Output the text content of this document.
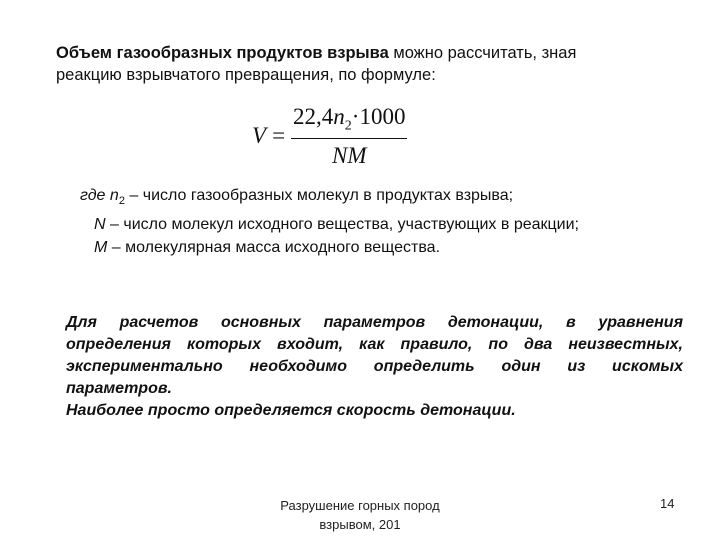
Объем газообразных продуктов взрыва можно рассчитать, зная
реакцию взрывчатого превращения, по формуле:

$V = \frac{22,4n_2\cdot 1000}{NM}$
где $n_2$ – число газообразных молекул в продуктах взрыва;
N – число молекул исходного вещества, участвующих в реакции;
M – молекулярная масса исходного вещества.
Для расчетов основных параметров детонации, в уравнения
определения которых входит, как правило, по два неизвестных,
экспериментально необходимо определить один из искомых
параметров.
Наиболее просто определяется скорость детонации.
Разрушение горных пород
взрывом, 201
14
